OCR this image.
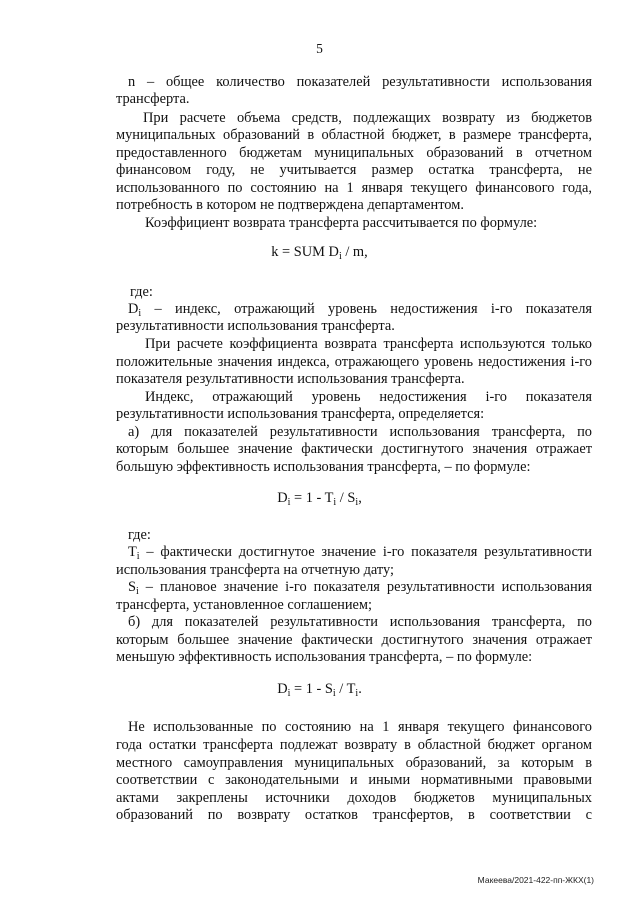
5
n – общее количество показателей результативности использования
трансферта.
При расчете объема средств, подлежащих возврату из бюджетов
муниципальных образований в областной бюджет, в размере трансферта,
предоставленного бюджетам муниципальных образований в отчетном
финансовом году, не учитывается размер остатка трансферта, не
использованного по состоянию на 1 января текущего финансового года,
потребность в котором не подтверждена департаментом.
Коэффициент возврата трансферта рассчитывается по формуле:
k = SUM $D_i$ / m,
где:
$D_i$ – индекс, отражающий уровень недостижения i-го показателя
результативности использования трансферта.
При расчете коэффициента возврата трансферта используются только
положительные значения индекса, отражающего уровень недостижения i-го
показателя результативности использования трансферта.
Индекс, отражающий уровень недостижения i-го показателя
результативности использования трансферта, определяется:
а) для показателей результативности использования трансферта, по
которым большее значение фактически достигнутого значения отражает
большую эффективность использования трансферта, – по формуле:
$D_i = 1 - T_i / S_i$,
где:
$T_i$ – фактически достигнутое значение i-го показателя результативности
использования трансферта на отчетную дату;
$S_i$ – плановое значение i-го показателя результативности использования
трансферта, установленное соглашением;
б) для показателей результативности использования трансферта, по
которым большее значение фактически достигнутого значения отражает
меньшую эффективность использования трансферта, – по формуле:
$D_i = 1 - S_i / T_i$.
Не использованные по состоянию на 1 января текущего финансового
года остатки трансферта подлежат возврату в областной бюджет органом
местного самоуправления муниципальных образований, за которым в
соответствии с законодательными и иными нормативными правовыми
актами закреплены источники доходов бюджетов муниципальных
образований по возврату остатков трансфертов, в соответствии с
Макеева/2021-422-пп-ЖКХ(1)
